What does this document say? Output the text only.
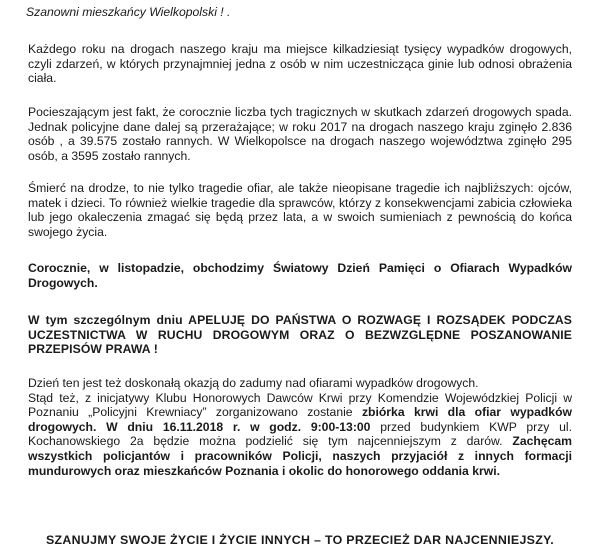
Szanowni mieszkańcy Wielkopolski ! .

Każdego roku na drogach naszego kraju ma miejsce kilkadziesiąt tysięcy wypadków drogowych, czyli zdarzeń, w których przynajmniej jedna z osób w nim uczestnicząca ginie lub odnosi obrażenia ciała.

Pocieszającym jest fakt, że corocznie liczba tych tragicznych w skutkach zdarzeń drogowych spada. Jednak policyjne dane dalej są przerażające; w roku 2017 na drogach naszego kraju zginęło 2.836 osób , a 39.575 zostało rannych. W Wielkopolsce na drogach naszego województwa zginęło 295 osób, a 3595 zostało rannych.

Śmierć na drodze, to nie tylko tragedie ofiar, ale także nieopisane tragedie ich najbliższych: ojców, matek i dzieci. To również wielkie tragedie dla sprawców, którzy z konsekwencjami zabicia człowieka lub jego okaleczenia zmagać się będą przez lata, a w swoich sumieniach z pewnością do końca swojego życia.

Corocznie, w listopadzie, obchodzimy Światowy Dzień Pamięci o Ofiarach Wypadków Drogowych.

W tym szczególnym dniu APELUJĘ DO PAŃSTWA O ROZWAGĘ I ROZSĄDEK PODCZAS UCZESTNICTWA W RUCHU DROGOWYM ORAZ O BEZWZGLĘDNE POSZANOWANIE PRZEPISÓW PRAWA !

Dzień ten jest też doskonałą okazją do zadumy nad ofiarami wypadków drogowych.
Stąd też, z inicjatywy Klubu Honorowych Dawców Krwi przy Komendzie Wojewódzkiej Policji w Poznaniu „Policyjni Krewniacy” zorganizowano zostanie zbiórka krwi dla ofiar wypadków drogowych. W dniu 16.11.2018 r. w godz. 9:00-13:00 przed budynkiem KWP przy ul. Kochanowskiego 2a będzie można podzielić się tym najcenniejszym z darów. Zachęcam wszystkich policjantów i pracowników Policji, naszych przyjaciół z innych formacji mundurowych oraz mieszkańców Poznania i okolic do honorowego oddania krwi.
SZANUJMY SWOJE ŻYCIE I ŻYCIE INNYCH – TO PRZECIEŻ DAR NAJCENNIEJSZY.
